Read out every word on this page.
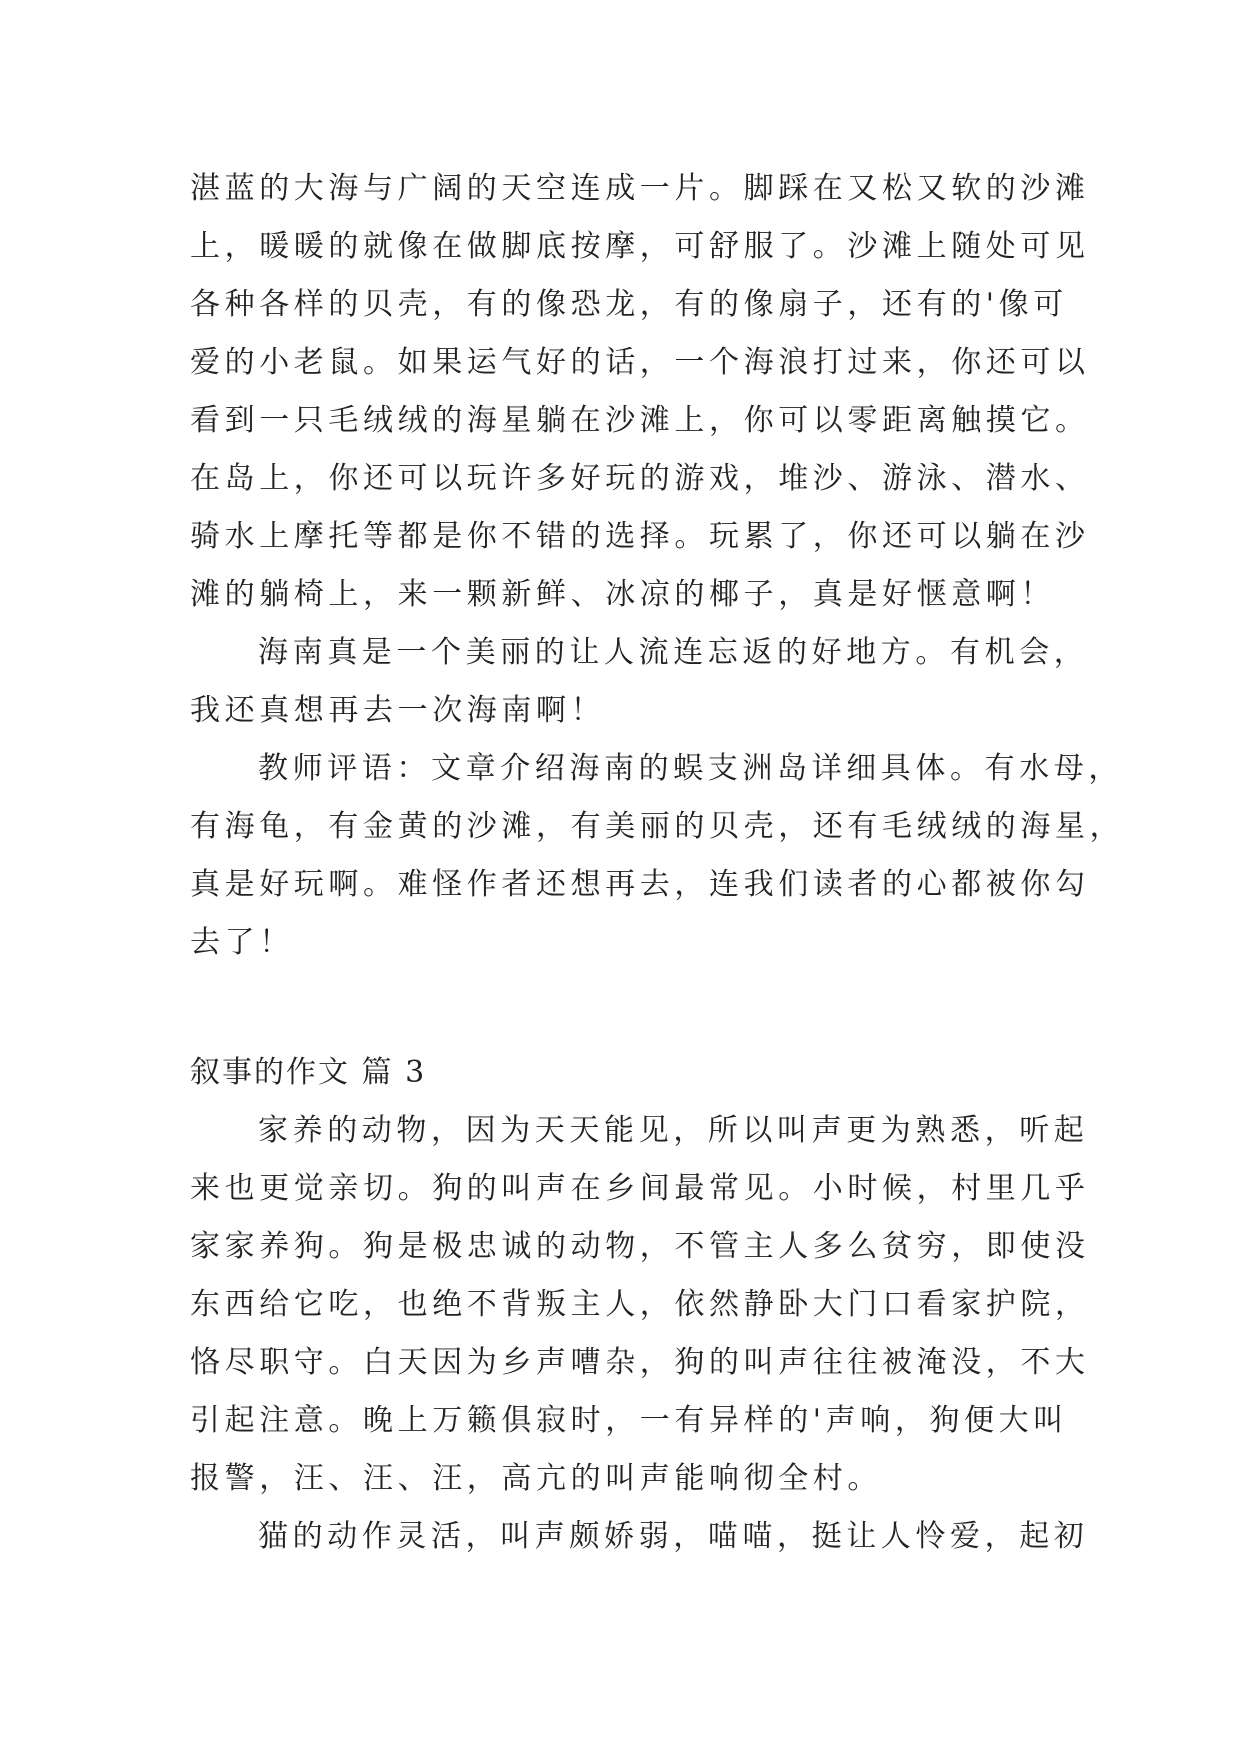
湛蓝的大海与广阔的天空连成一片。脚踩在又松又软的沙滩
上，暖暖的就像在做脚底按摩，可舒服了。沙滩上随处可见
各种各样的贝壳，有的像恐龙，有的像扇子，还有的'像可
爱的小老鼠。如果运气好的话，一个海浪打过来，你还可以
看到一只毛绒绒的海星躺在沙滩上，你可以零距离触摸它。
在岛上，你还可以玩许多好玩的游戏，堆沙、游泳、潜水、
骑水上摩托等都是你不错的选择。玩累了，你还可以躺在沙
滩的躺椅上，来一颗新鲜、冰凉的椰子，真是好惬意啊！
海南真是一个美丽的让人流连忘返的好地方。有机会，
我还真想再去一次海南啊！
教师评语：文章介绍海南的蜈支洲岛详细具体。有水母，
有海龟，有金黄的沙滩，有美丽的贝壳，还有毛绒绒的海星，
真是好玩啊。难怪作者还想再去，连我们读者的心都被你勾
去了！
叙事的作文 篇 3
家养的动物，因为天天能见，所以叫声更为熟悉，听起
来也更觉亲切。狗的叫声在乡间最常见。小时候，村里几乎
家家养狗。狗是极忠诚的动物，不管主人多么贫穷，即使没
东西给它吃，也绝不背叛主人，依然静卧大门口看家护院，
恪尽职守。白天因为乡声嘈杂，狗的叫声往往被淹没，不大
引起注意。晚上万籁俱寂时，一有异样的'声响，狗便大叫
报警，汪、汪、汪，高亢的叫声能响彻全村。
猫的动作灵活，叫声颇娇弱，喵喵，挺让人怜爱，起初
